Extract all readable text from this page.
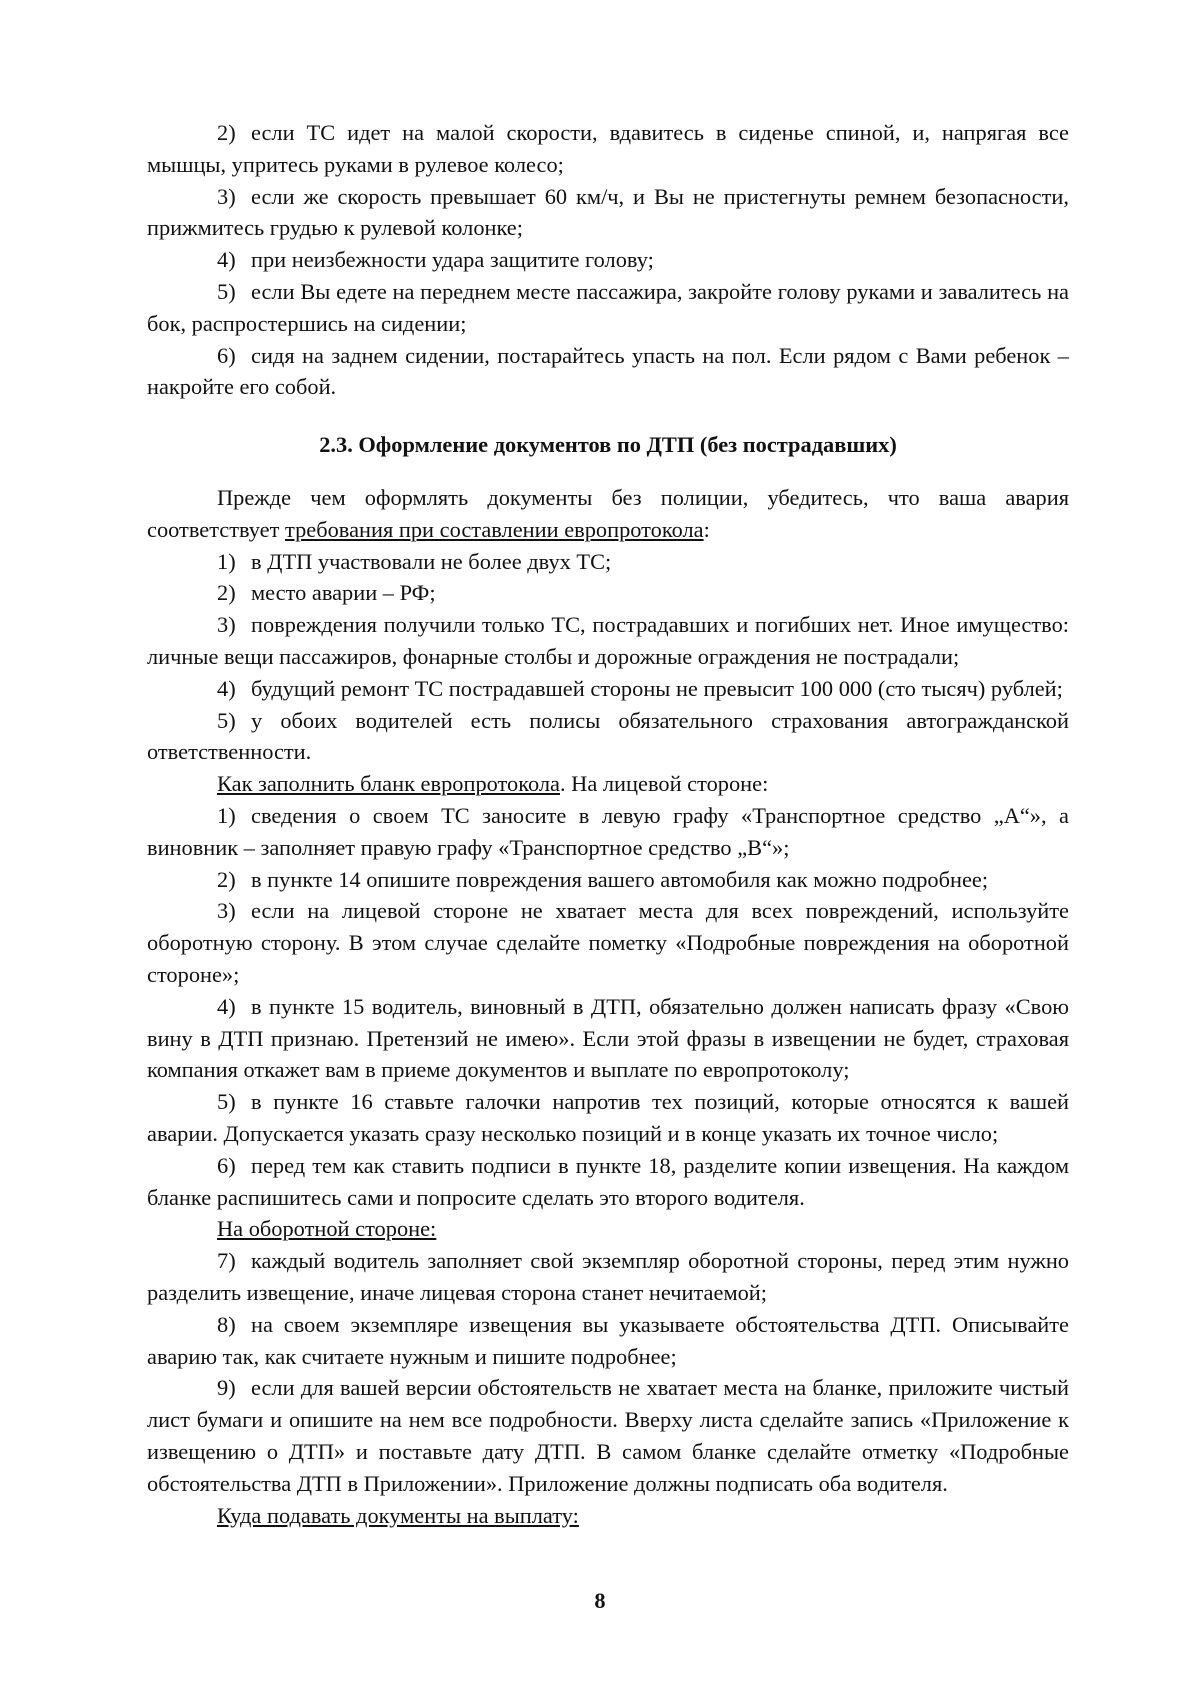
2) если ТС идет на малой скорости, вдавитесь в сиденье спиной, и, напрягая все мышцы, упритесь руками в рулевое колесо;

3) если же скорость превышает 60 км/ч, и Вы не пристегнуты ремнем безопасности, прижмитесь грудью к рулевой колонке;

4) при неизбежности удара защитите голову;

5) если Вы едете на переднем месте пассажира, закройте голову руками и завалитесь на бок, распростершись на сидении;

6) сидя на заднем сидении, постарайтесь упасть на пол. Если рядом с Вами ребенок – накройте его собой.

2.3. Оформление документов по ДТП (без пострадавших)

Прежде чем оформлять документы без полиции, убедитесь, что ваша авария соответствует требования при составлении европротокола:

1) в ДТП участвовали не более двух ТС;

2) место аварии – РФ;

3) повреждения получили только ТС, пострадавших и погибших нет. Иное имущество: личные вещи пассажиров, фонарные столбы и дорожные ограждения не пострадали;

4) будущий ремонт ТС пострадавшей стороны не превысит 100 000 (сто тысяч) рублей;

5) у обоих водителей есть полисы обязательного страхования автогражданской ответственности.

Как заполнить бланк европротокола. На лицевой стороне:

1) сведения о своем ТС заносите в левую графу «Транспортное средство „А“», а виновник – заполняет правую графу «Транспортное средство „В“»;

2) в пункте 14 опишите повреждения вашего автомобиля как можно подробнее;

3) если на лицевой стороне не хватает места для всех повреждений, используйте оборотную сторону. В этом случае сделайте пометку «Подробные повреждения на оборотной стороне»;

4) в пункте 15 водитель, виновный в ДТП, обязательно должен написать фразу «Свою вину в ДТП признаю. Претензий не имею». Если этой фразы в извещении не будет, страховая компания откажет вам в приеме документов и выплате по европротоколу;

5) в пункте 16 ставьте галочки напротив тех позиций, которые относятся к вашей аварии. Допускается указать сразу несколько позиций и в конце указать их точное число;

6) перед тем как ставить подписи в пункте 18, разделите копии извещения. На каждом бланке распишитесь сами и попросите сделать это второго водителя.

На оборотной стороне:

7) каждый водитель заполняет свой экземпляр оборотной стороны, перед этим нужно разделить извещение, иначе лицевая сторона станет нечитаемой;

8) на своем экземпляре извещения вы указываете обстоятельства ДТП. Описывайте аварию так, как считаете нужным и пишите подробнее;

9) если для вашей версии обстоятельств не хватает места на бланке, приложите чистый лист бумаги и опишите на нем все подробности. Вверху листа сделайте запись «Приложение к извещению о ДТП» и поставьте дату ДТП. В самом бланке сделайте отметку «Подробные обстоятельства ДТП в Приложении». Приложение должны подписать оба водителя.

Куда подавать документы на выплату:

8
